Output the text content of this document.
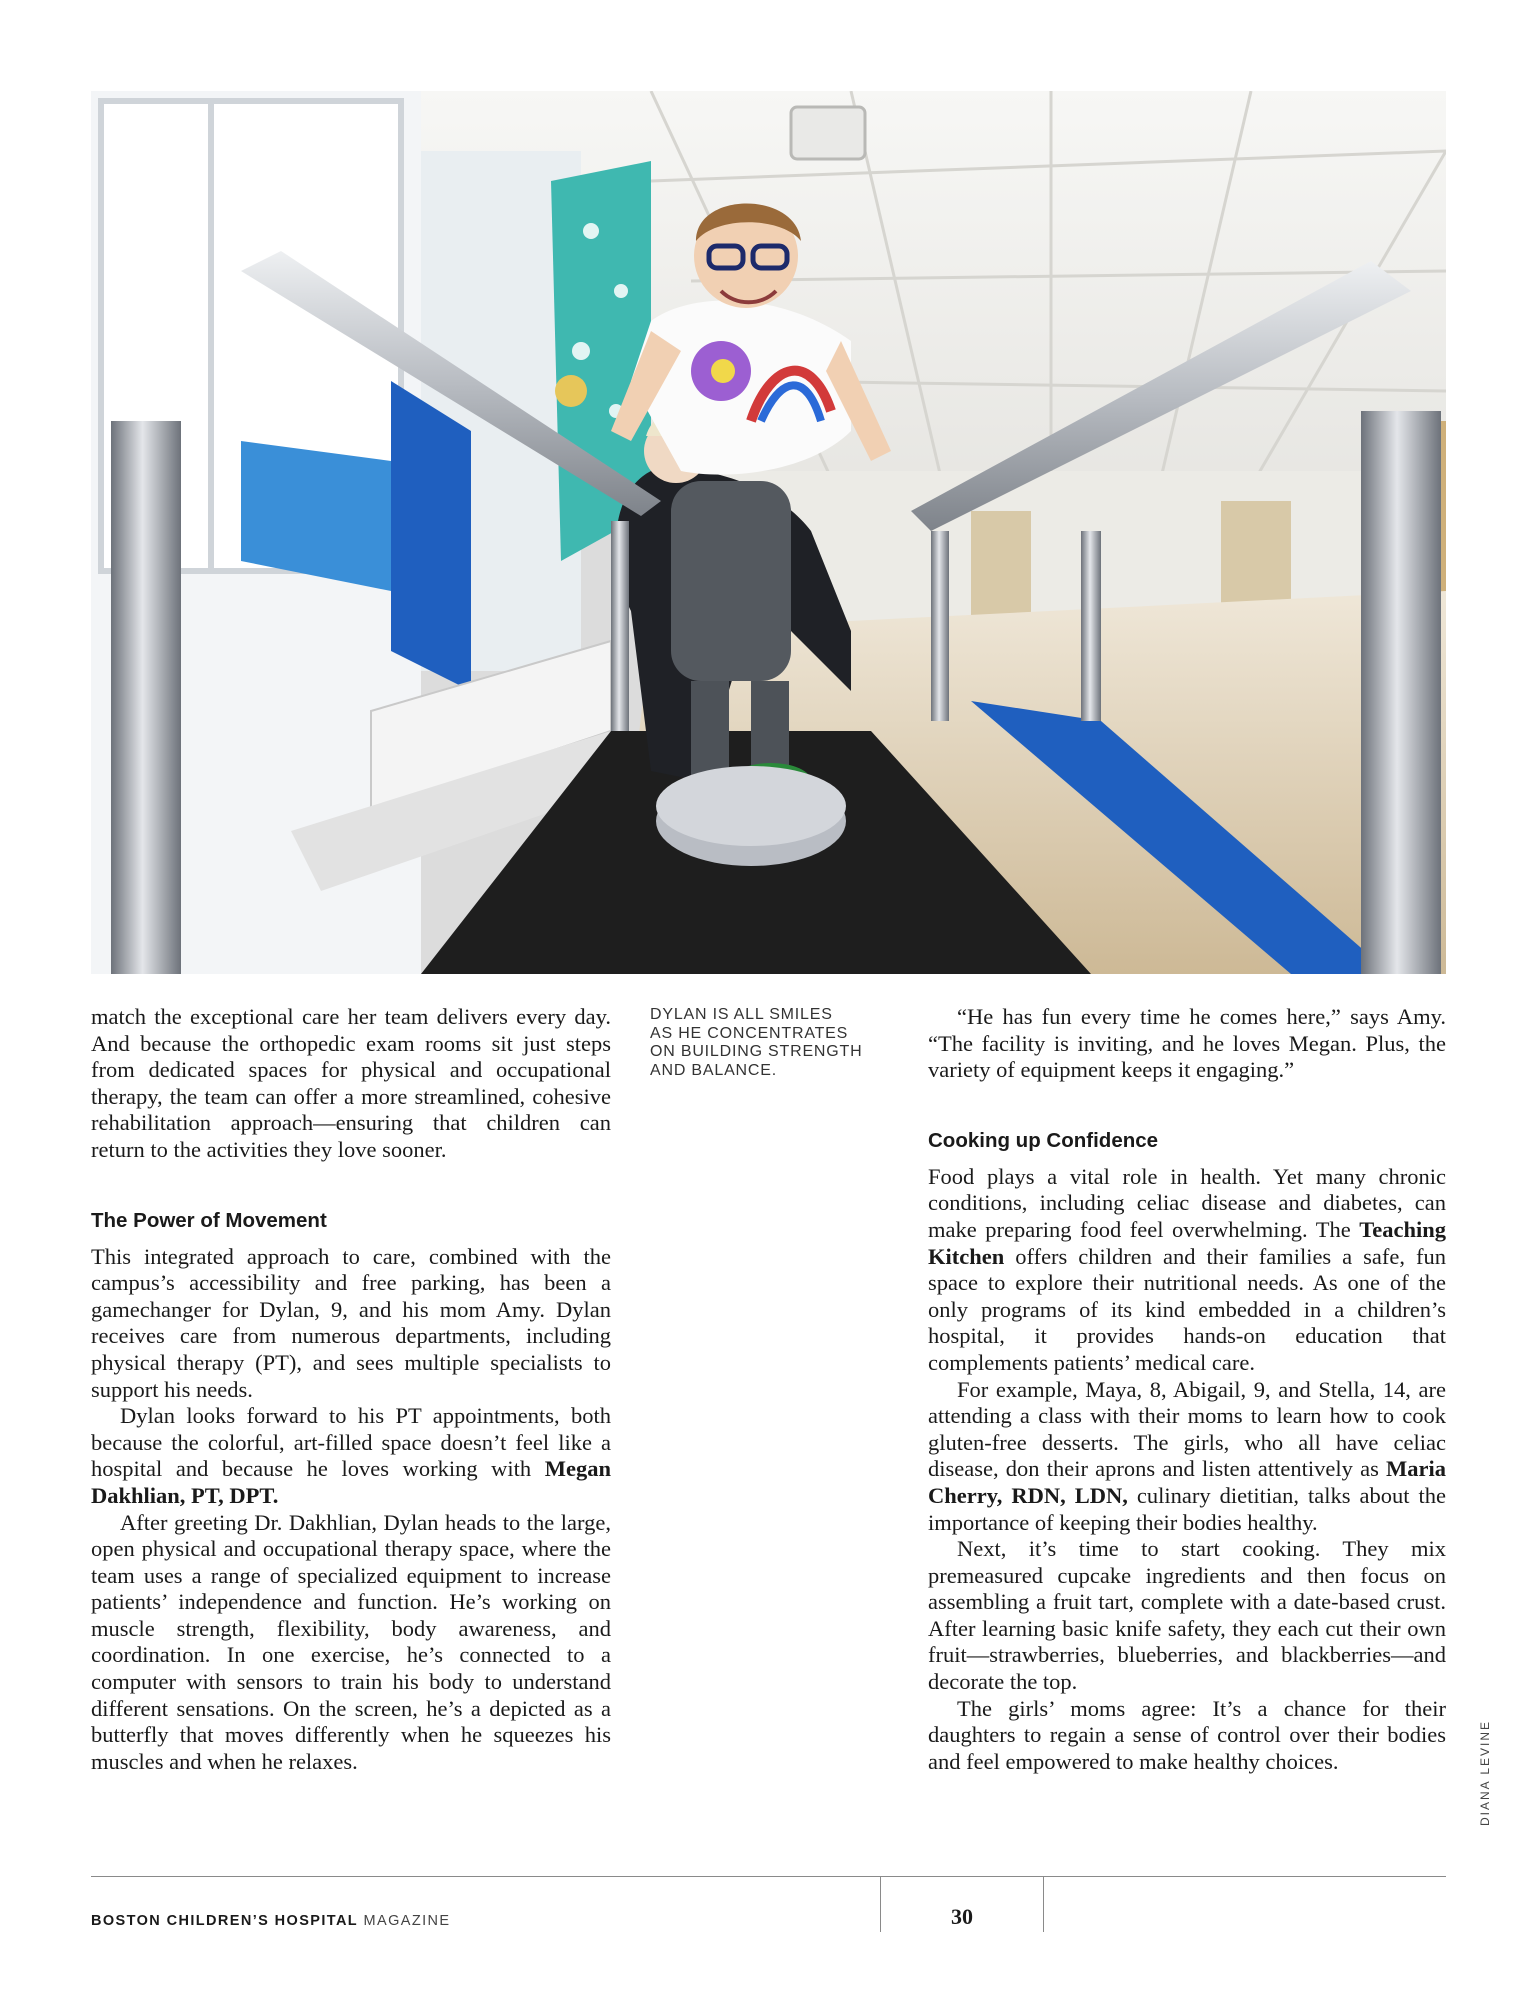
match the exceptional care her team delivers every day. And because the orthopedic exam rooms sit just steps from dedicated spaces for physical and occupational therapy, the team can offer a more streamlined, cohesive rehabilitation approach—ensuring that children can return to the activities they love sooner.

The Power of Movement

This integrated approach to care, combined with the campus’s accessibility and free parking, has been a gamechanger for Dylan, 9, and his mom Amy. Dylan receives care from numerous departments, including physical therapy (PT), and sees multiple specialists to support his needs.

Dylan looks forward to his PT appointments, both because the colorful, art-filled space doesn’t feel like a hospital and because he loves working with Megan Dakhlian, PT, DPT.

After greeting Dr. Dakhlian, Dylan heads to the large, open physical and occupational therapy space, where the team uses a range of specialized equipment to increase patients’ independence and function. He’s working on muscle strength, flexibility, body awareness, and coordination. In one exercise, he’s connected to a computer with sensors to train his body to understand different sensations. On the screen, he’s a depicted as a butterfly that moves differently when he squeezes his muscles and when he relaxes.

DYLAN IS ALL SMILES
AS HE CONCENTRATES
ON BUILDING STRENGTH
AND BALANCE.

“He has fun every time he comes here,” says Amy. “The facility is inviting, and he loves Megan. Plus, the variety of equipment keeps it engaging.”

Cooking up Confidence

Food plays a vital role in health. Yet many chronic conditions, including celiac disease and diabetes, can make preparing food feel overwhelming. The Teaching Kitchen offers children and their families a safe, fun space to explore their nutritional needs. As one of the only programs of its kind embedded in a children’s hospital, it provides hands-on education that complements patients’ medical care.

For example, Maya, 8, Abigail, 9, and Stella, 14, are attending a class with their moms to learn how to cook gluten-free desserts. The girls, who all have celiac disease, don their aprons and listen attentively as Maria Cherry, RDN, LDN, culinary dietitian, talks about the importance of keeping their bodies healthy.

Next, it’s time to start cooking. They mix premeasured cupcake ingredients and then focus on assembling a fruit tart, complete with a date-based crust. After learning basic knife safety, they each cut their own fruit—strawberries, blueberries, and blackberries—and decorate the top.

The girls’ moms agree: It’s a chance for their daughters to regain a sense of control over their bodies and feel empowered to make healthy choices.	DIANA LEVINE
BOSTON CHILDREN’S HOSPITAL MAGAZINE	30
